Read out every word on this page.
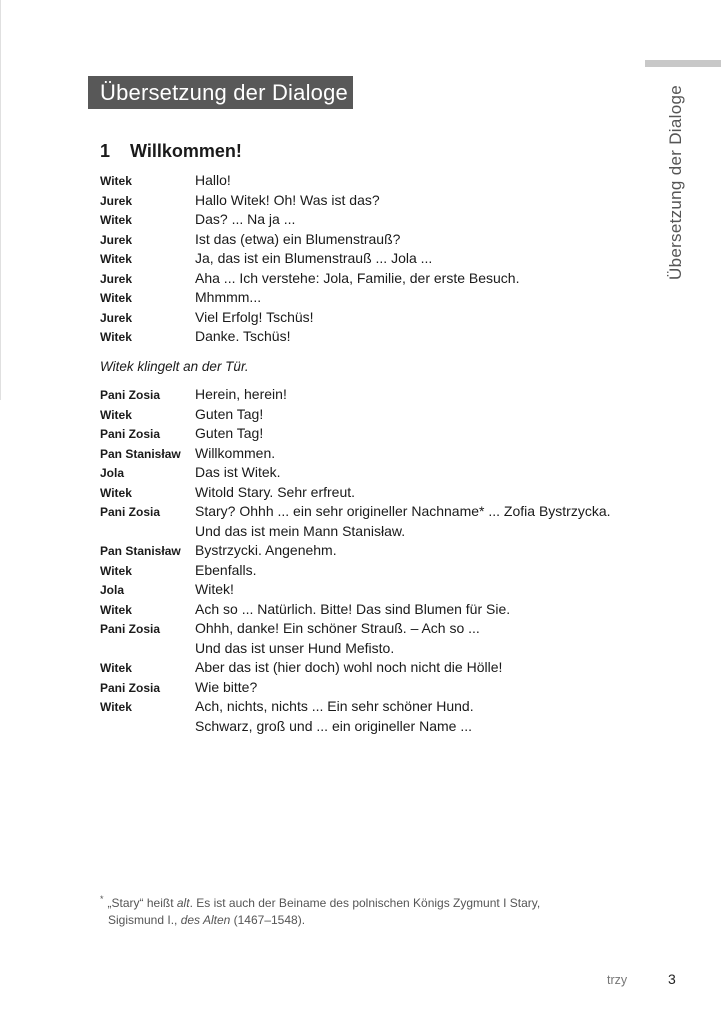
Übersetzung der Dialoge
Übersetzung der Dialoge
1 Willkommen!
Witek	Hallo!
Jurek	Hallo Witek! Oh! Was ist das?
Witek	Das? ... Na ja ...
Jurek	Ist das (etwa) ein Blumenstrauß?
Witek	Ja, das ist ein Blumenstrauß ... Jola ...
Jurek	Aha ... Ich verstehe: Jola, Familie, der erste Besuch.
Witek	Mhmmm...
Jurek	Viel Erfolg! Tschüs!
Witek	Danke. Tschüs!
Witek klingelt an der Tür.
Pani Zosia	Herein, herein!
Witek	Guten Tag!
Pani Zosia	Guten Tag!
Pan Stanisław	Willkommen.
Jola	Das ist Witek.
Witek	Witold Stary. Sehr erfreut.
Pani Zosia	Stary? Ohhh ... ein sehr origineller Nachname* ... Zofia Bystrzycka.
Und das ist mein Mann Stanisław.
Pan Stanisław	Bystrzycki. Angenehm.
Witek	Ebenfalls.
Jola	Witek!
Witek	Ach so ... Natürlich. Bitte! Das sind Blumen für Sie.
Pani Zosia	Ohhh, danke! Ein schöner Strauß. – Ach so ...
Und das ist unser Hund Mefisto.
Witek	Aber das ist (hier doch) wohl noch nicht die Hölle!
Pani Zosia	Wie bitte?
Witek	Ach, nichts, nichts ... Ein sehr schöner Hund.
Schwarz, groß und ... ein origineller Name ...
* „Stary“ heißt alt. Es ist auch der Beiname des polnischen Königs Zygmunt I Stary,
Sigismund I., des Alten (1467–1548).
trzy	3
